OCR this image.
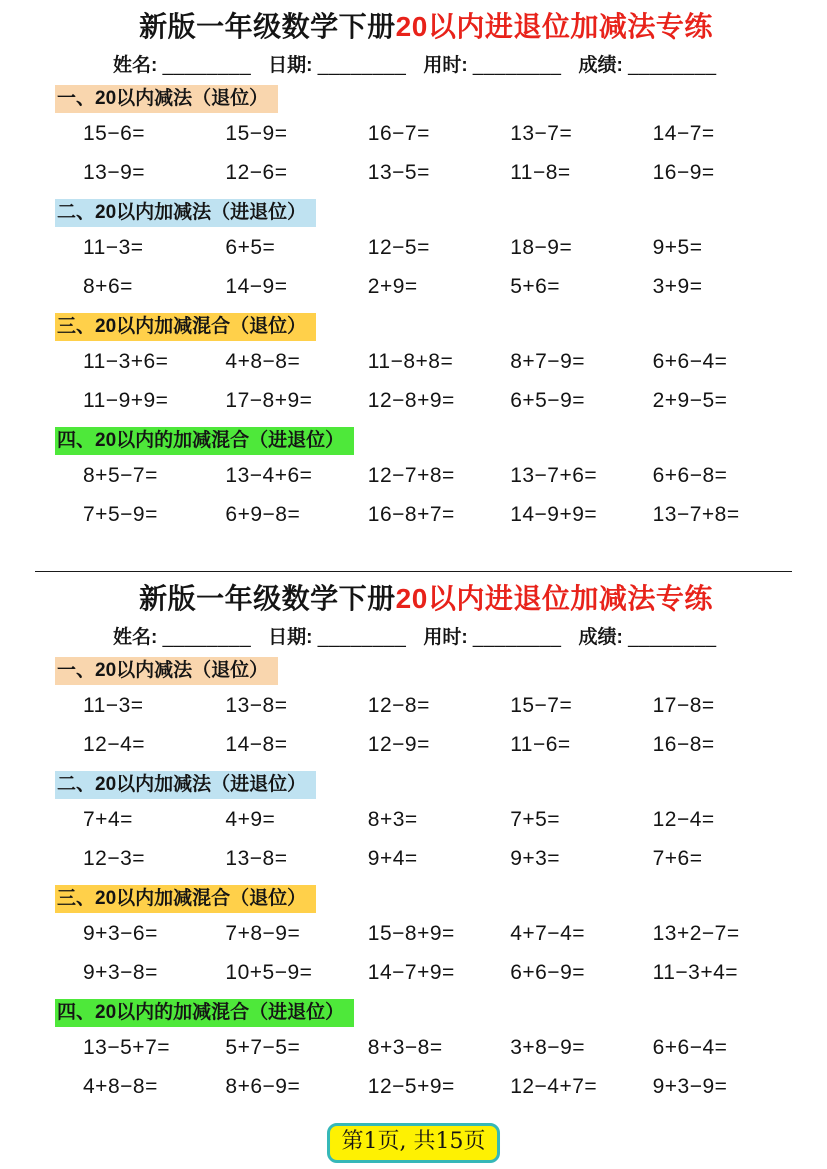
新版一年级数学下册20以内进退位加减法专练
姓名: ________ 日期: ________ 用时: ________ 成绩: ________
一、20以内减法（退位）
15−6=	15−9=	16−7=	13−7=	14−7=
13−9=	12−6=	13−5=	11−8=	16−9=
二、20以内加减法（进退位）
11−3=	6+5=	12−5=	18−9=	9+5=
8+6=	14−9=	2+9=	5+6=	3+9=
三、20以内加减混合（退位）
11−3+6=	4+8−8=	11−8+8=	8+7−9=	6+6−4=
11−9+9=	17−8+9=	12−8+9=	6+5−9=	2+9−5=
四、20以内的加减混合（进退位）
8+5−7=	13−4+6=	12−7+8=	13−7+6=	6+6−8=
7+5−9=	6+9−8=	16−8+7=	14−9+9=	13−7+8=
新版一年级数学下册20以内进退位加减法专练
姓名: ________ 日期: ________ 用时: ________ 成绩: ________
一、20以内减法（退位）
11−3=	13−8=	12−8=	15−7=	17−8=
12−4=	14−8=	12−9=	11−6=	16−8=
二、20以内加减法（进退位）
7+4=	4+9=	8+3=	7+5=	12−4=
12−3=	13−8=	9+4=	9+3=	7+6=
三、20以内加减混合（退位）
9+3−6=	7+8−9=	15−8+9=	4+7−4=	13+2−7=
9+3−8=	10+5−9=	14−7+9=	6+6−9=	11−3+4=
四、20以内的加减混合（进退位）
13−5+7=	5+7−5=	8+3−8=	3+8−9=	6+6−4=
4+8−8=	8+6−9=	12−5+9=	12−4+7=	9+3−9=
第1页, 共15页
